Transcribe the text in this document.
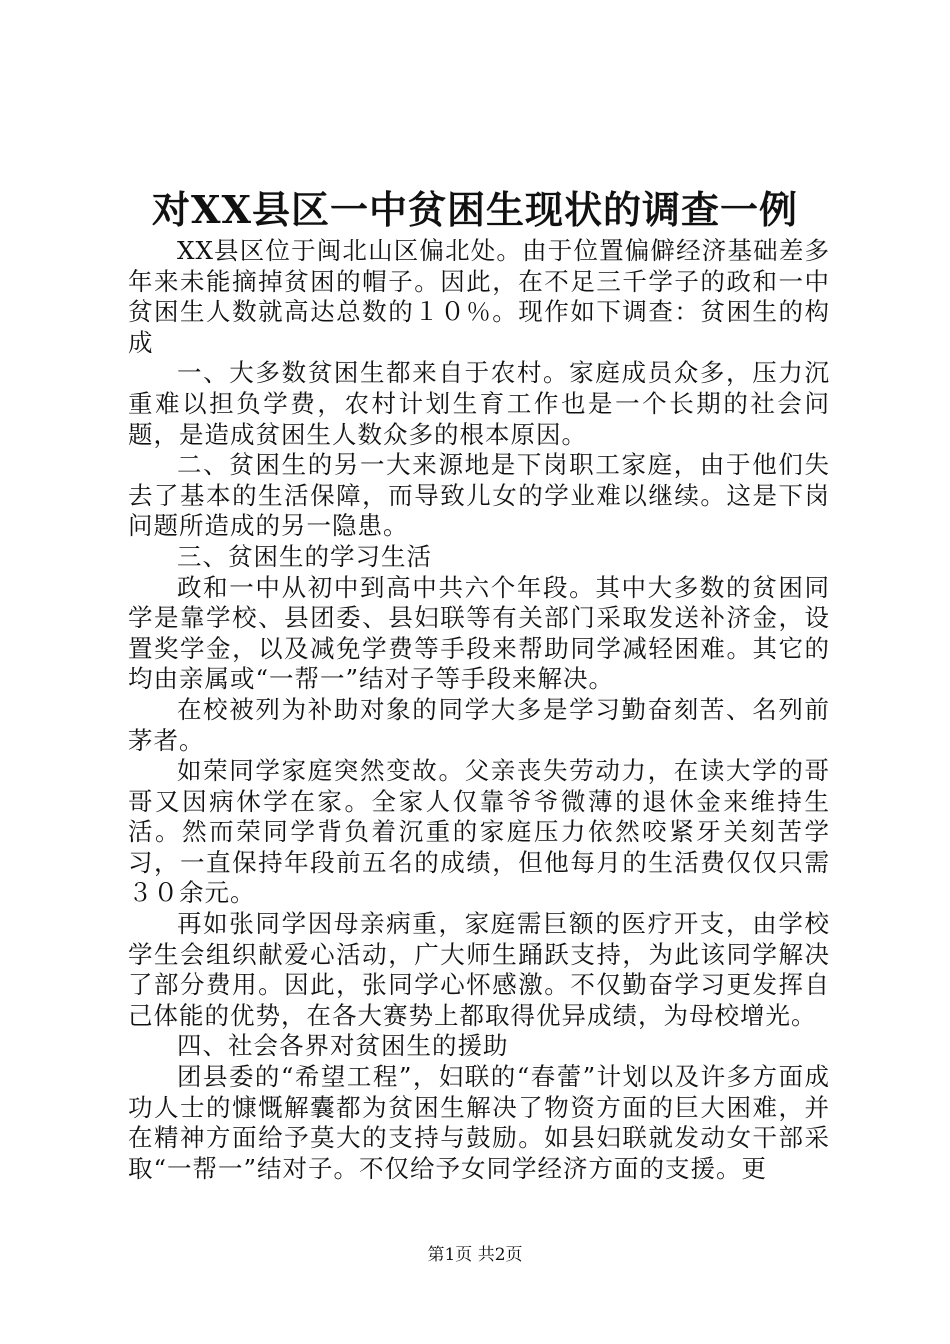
对XX县区一中贫困生现状的调查一例

XX县区位于闽北山区偏北处。由于位置偏僻经济基础差多年来未能摘掉贫困的帽子。因此，在不足三千学子的政和一中贫困生人数就高达总数的１０％。现作如下调查：贫困生的构成

一、大多数贫困生都来自于农村。家庭成员众多，压力沉重难以担负学费，农村计划生育工作也是一个长期的社会问题，是造成贫困生人数众多的根本原因。

二、贫困生的另一大来源地是下岗职工家庭，由于他们失去了基本的生活保障，而导致儿女的学业难以继续。这是下岗问题所造成的另一隐患。

三、贫困生的学习生活

政和一中从初中到高中共六个年段。其中大多数的贫困同学是靠学校、县团委、县妇联等有关部门采取发送补济金，设置奖学金，以及减免学费等手段来帮助同学减轻困难。其它的均由亲属或“一帮一”结对子等手段来解决。

在校被列为补助对象的同学大多是学习勤奋刻苦、名列前茅者。

如荣同学家庭突然变故。父亲丧失劳动力，在读大学的哥哥又因病休学在家。全家人仅靠爷爷微薄的退休金来维持生活。然而荣同学背负着沉重的家庭压力依然咬紧牙关刻苦学习，一直保持年段前五名的成绩，但他每月的生活费仅仅只需３０余元。

再如张同学因母亲病重，家庭需巨额的医疗开支，由学校学生会组织献爱心活动，广大师生踊跃支持，为此该同学解决了部分费用。因此，张同学心怀感激。不仅勤奋学习更发挥自己体能的优势，在各大赛势上都取得优异成绩，为母校增光。

四、社会各界对贫困生的援助

团县委的“希望工程”，妇联的“春蕾”计划以及许多方面成功人士的慷慨解囊都为贫困生解决了物资方面的巨大困难，并在精神方面给予莫大的支持与鼓励。如县妇联就发动女干部采取“一帮一”结对子。不仅给予女同学经济方面的支援。更

第1页 共2页
